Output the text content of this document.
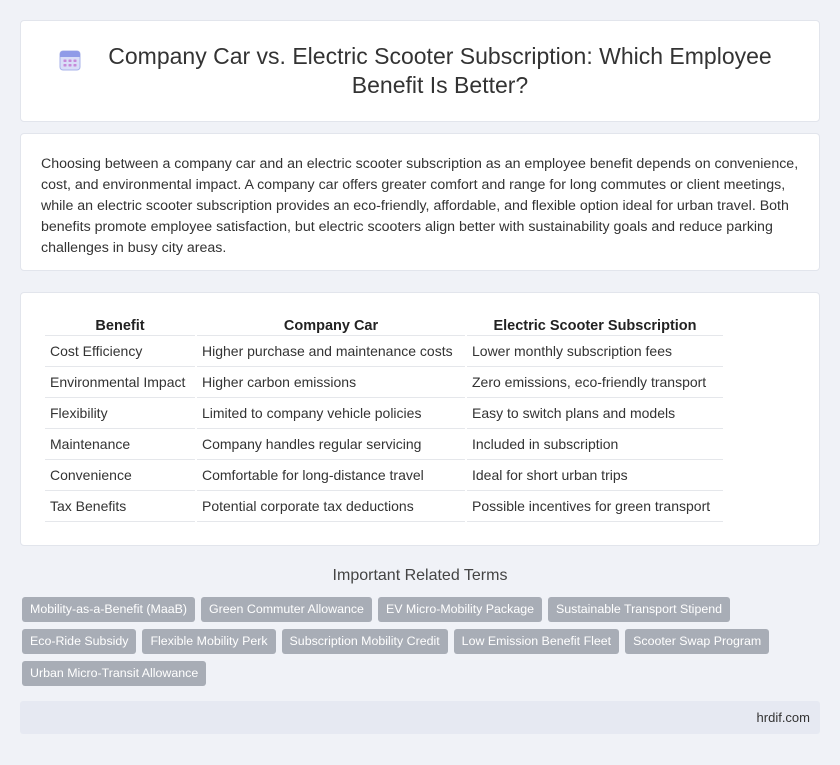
Company Car vs. Electric Scooter Subscription: Which Employee Benefit Is Better?

Choosing between a company car and an electric scooter subscription as an employee benefit depends on convenience, cost, and environmental impact. A company car offers greater comfort and range for long commutes or client meetings, while an electric scooter subscription provides an eco-friendly, affordable, and flexible option ideal for urban travel. Both benefits promote employee satisfaction, but electric scooters align better with sustainability goals and reduce parking challenges in busy city areas.

Benefit	Company Car	Electric Scooter Subscription
Cost Efficiency	Higher purchase and maintenance costs	Lower monthly subscription fees
Environmental Impact	Higher carbon emissions	Zero emissions, eco-friendly transport
Flexibility	Limited to company vehicle policies	Easy to switch plans and models
Maintenance	Company handles regular servicing	Included in subscription
Convenience	Comfortable for long-distance travel	Ideal for short urban trips
Tax Benefits	Potential corporate tax deductions	Possible incentives for green transport
Important Related Terms
Mobility-as-a-Benefit (MaaB)	Green Commuter Allowance	EV Micro-Mobility Package	Sustainable Transport Stipend
Eco-Ride Subsidy	Flexible Mobility Perk	Subscription Mobility Credit	Low Emission Benefit Fleet	Scooter Swap Program
Urban Micro-Transit Allowance
hrdif.com
